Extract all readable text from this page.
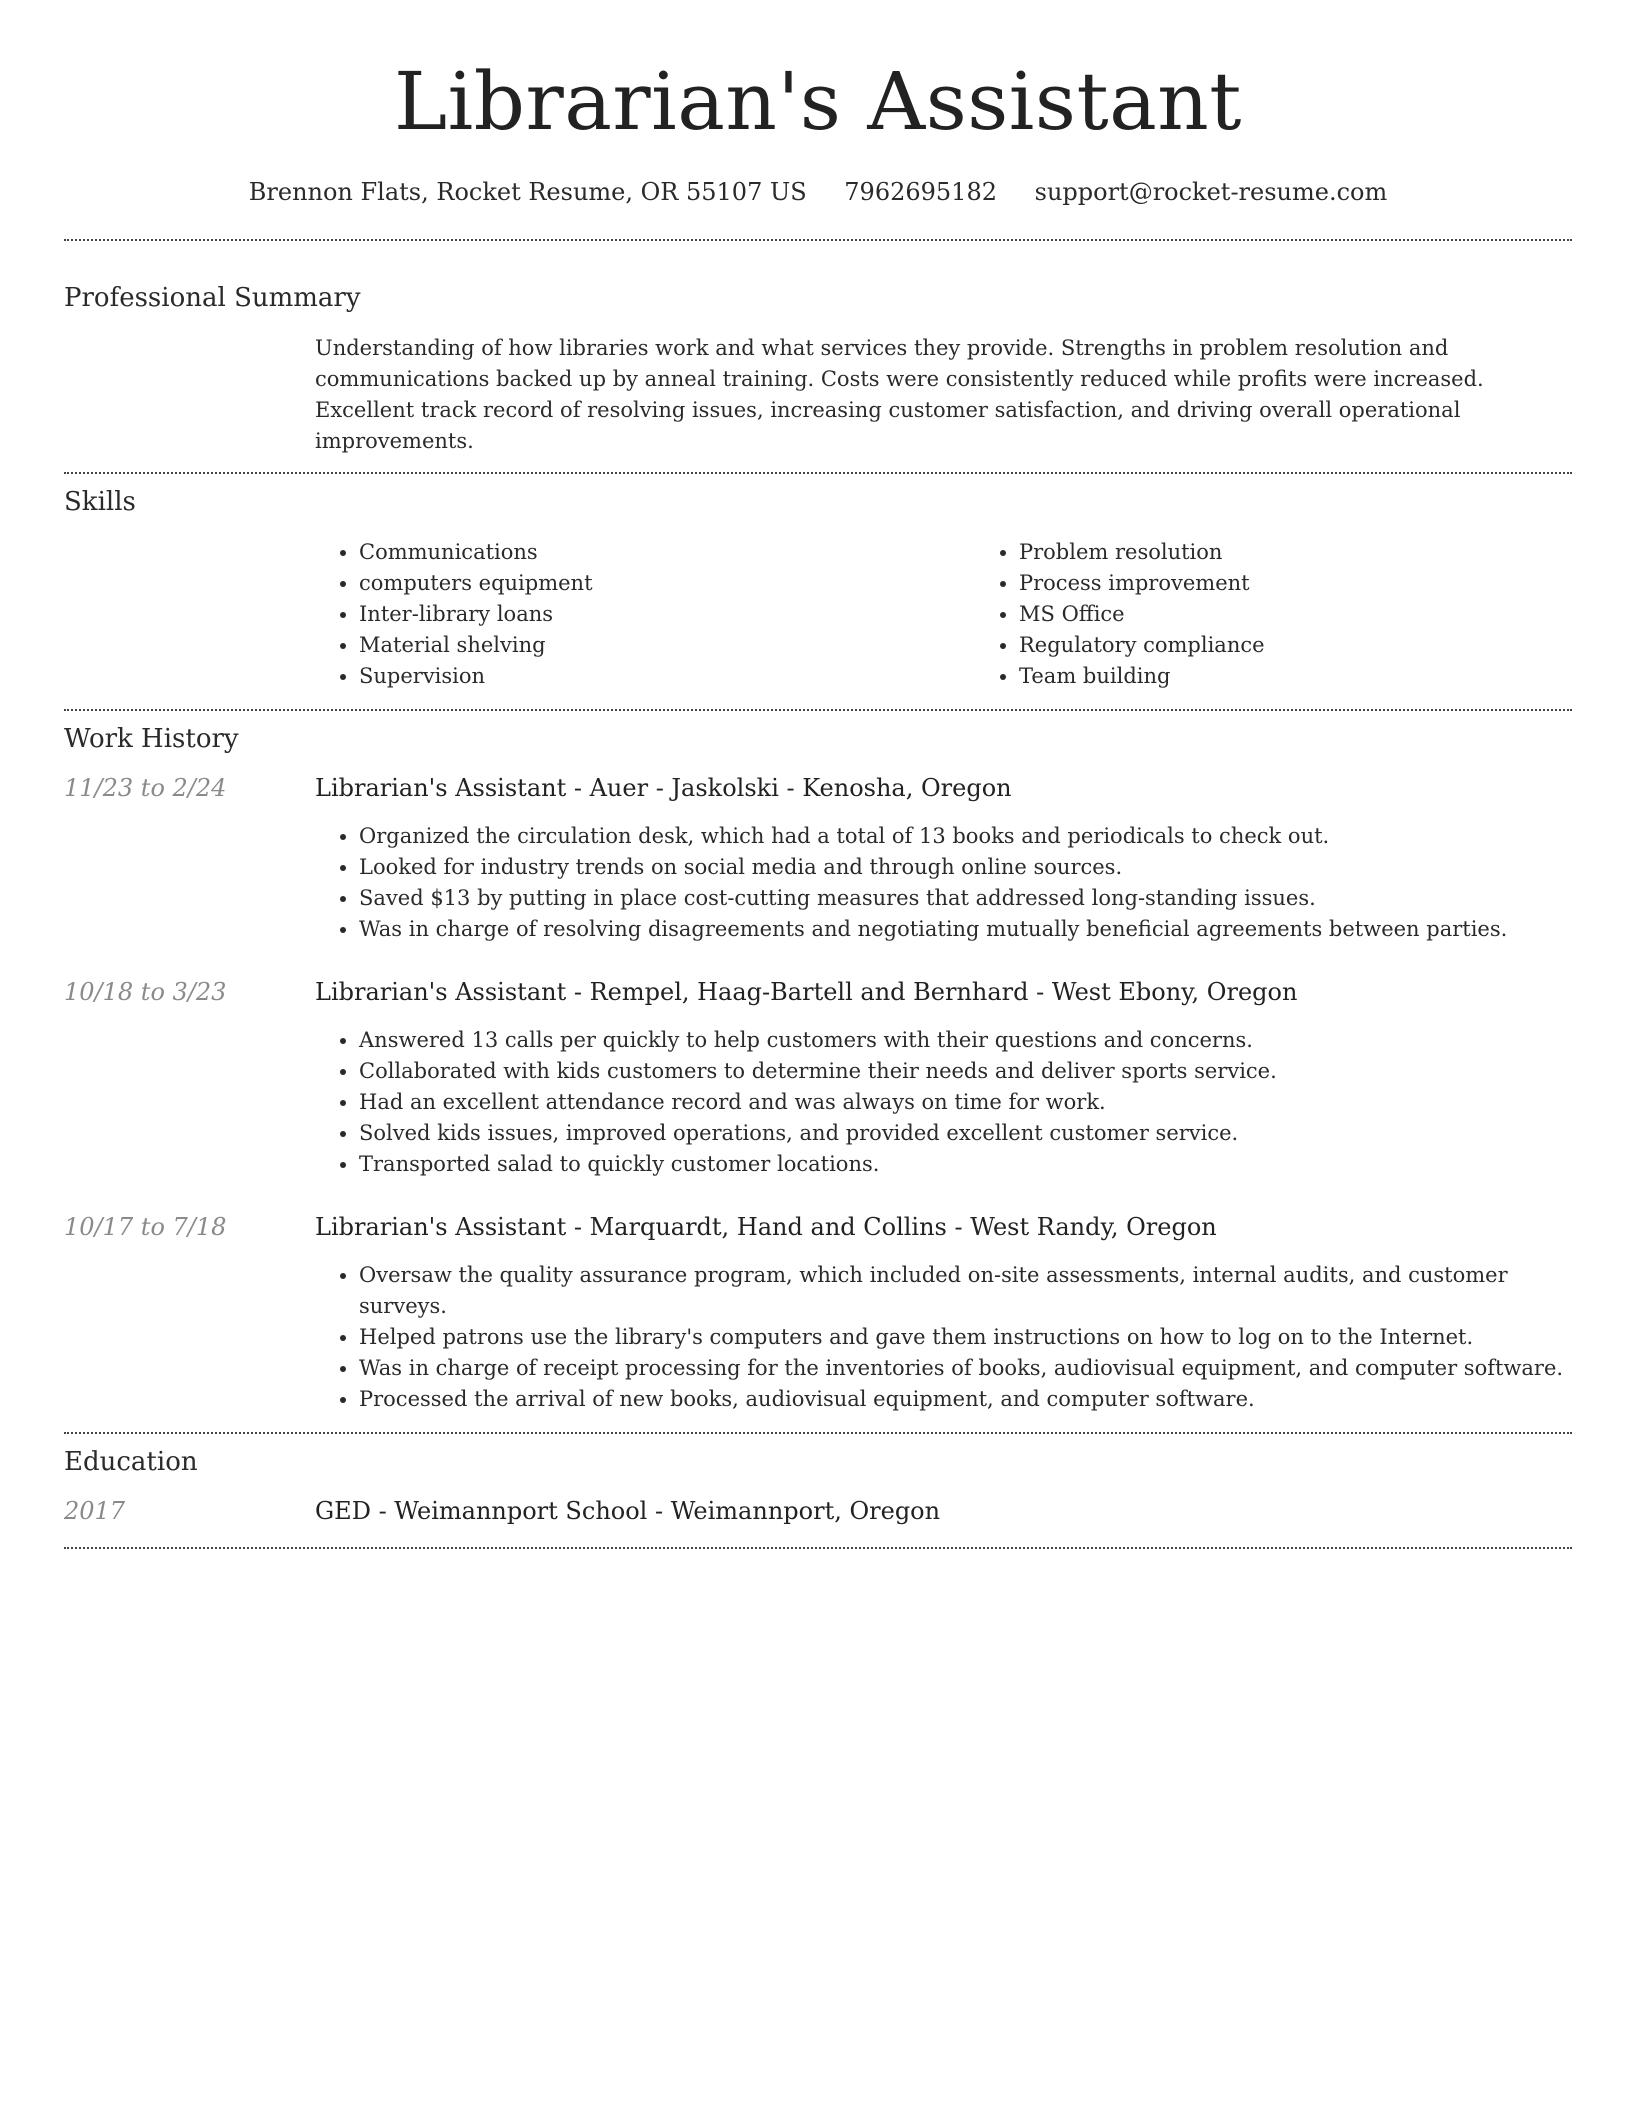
Librarian's Assistant
Brennon Flats, Rocket Resume, OR 55107 US 7962695182 support@rocket-resume.com
Professional Summary

Understanding of how libraries work and what services they provide. Strengths in problem resolution and communications backed up by anneal training. Costs were consistently reduced while profits were increased. Excellent track record of resolving issues, increasing customer satisfaction, and driving overall operational improvements.

Skills
• Communications
• computers equipment
• Inter-library loans
• Material shelving
• Supervision
• Problem resolution
• Process improvement
• MS Office
• Regulatory compliance
• Team building
Work History
11/23 to 2/24	Librarian's Assistant - Auer - Jaskolski - Kenosha, Oregon
• Organized the circulation desk, which had a total of 13 books and periodicals to check out.
• Looked for industry trends on social media and through online sources.
• Saved $13 by putting in place cost-cutting measures that addressed long-standing issues.
• Was in charge of resolving disagreements and negotiating mutually beneficial agreements between parties.
10/18 to 3/23	Librarian's Assistant - Rempel, Haag-Bartell and Bernhard - West Ebony, Oregon
• Answered 13 calls per quickly to help customers with their questions and concerns.
• Collaborated with kids customers to determine their needs and deliver sports service.
• Had an excellent attendance record and was always on time for work.
• Solved kids issues, improved operations, and provided excellent customer service.
• Transported salad to quickly customer locations.
10/17 to 7/18	Librarian's Assistant - Marquardt, Hand and Collins - West Randy, Oregon
• Oversaw the quality assurance program, which included on-site assessments, internal audits, and customer surveys.
• Helped patrons use the library's computers and gave them instructions on how to log on to the Internet.
• Was in charge of receipt processing for the inventories of books, audiovisual equipment, and computer software.
• Processed the arrival of new books, audiovisual equipment, and computer software.
Education
2017	GED - Weimannport School - Weimannport, Oregon
